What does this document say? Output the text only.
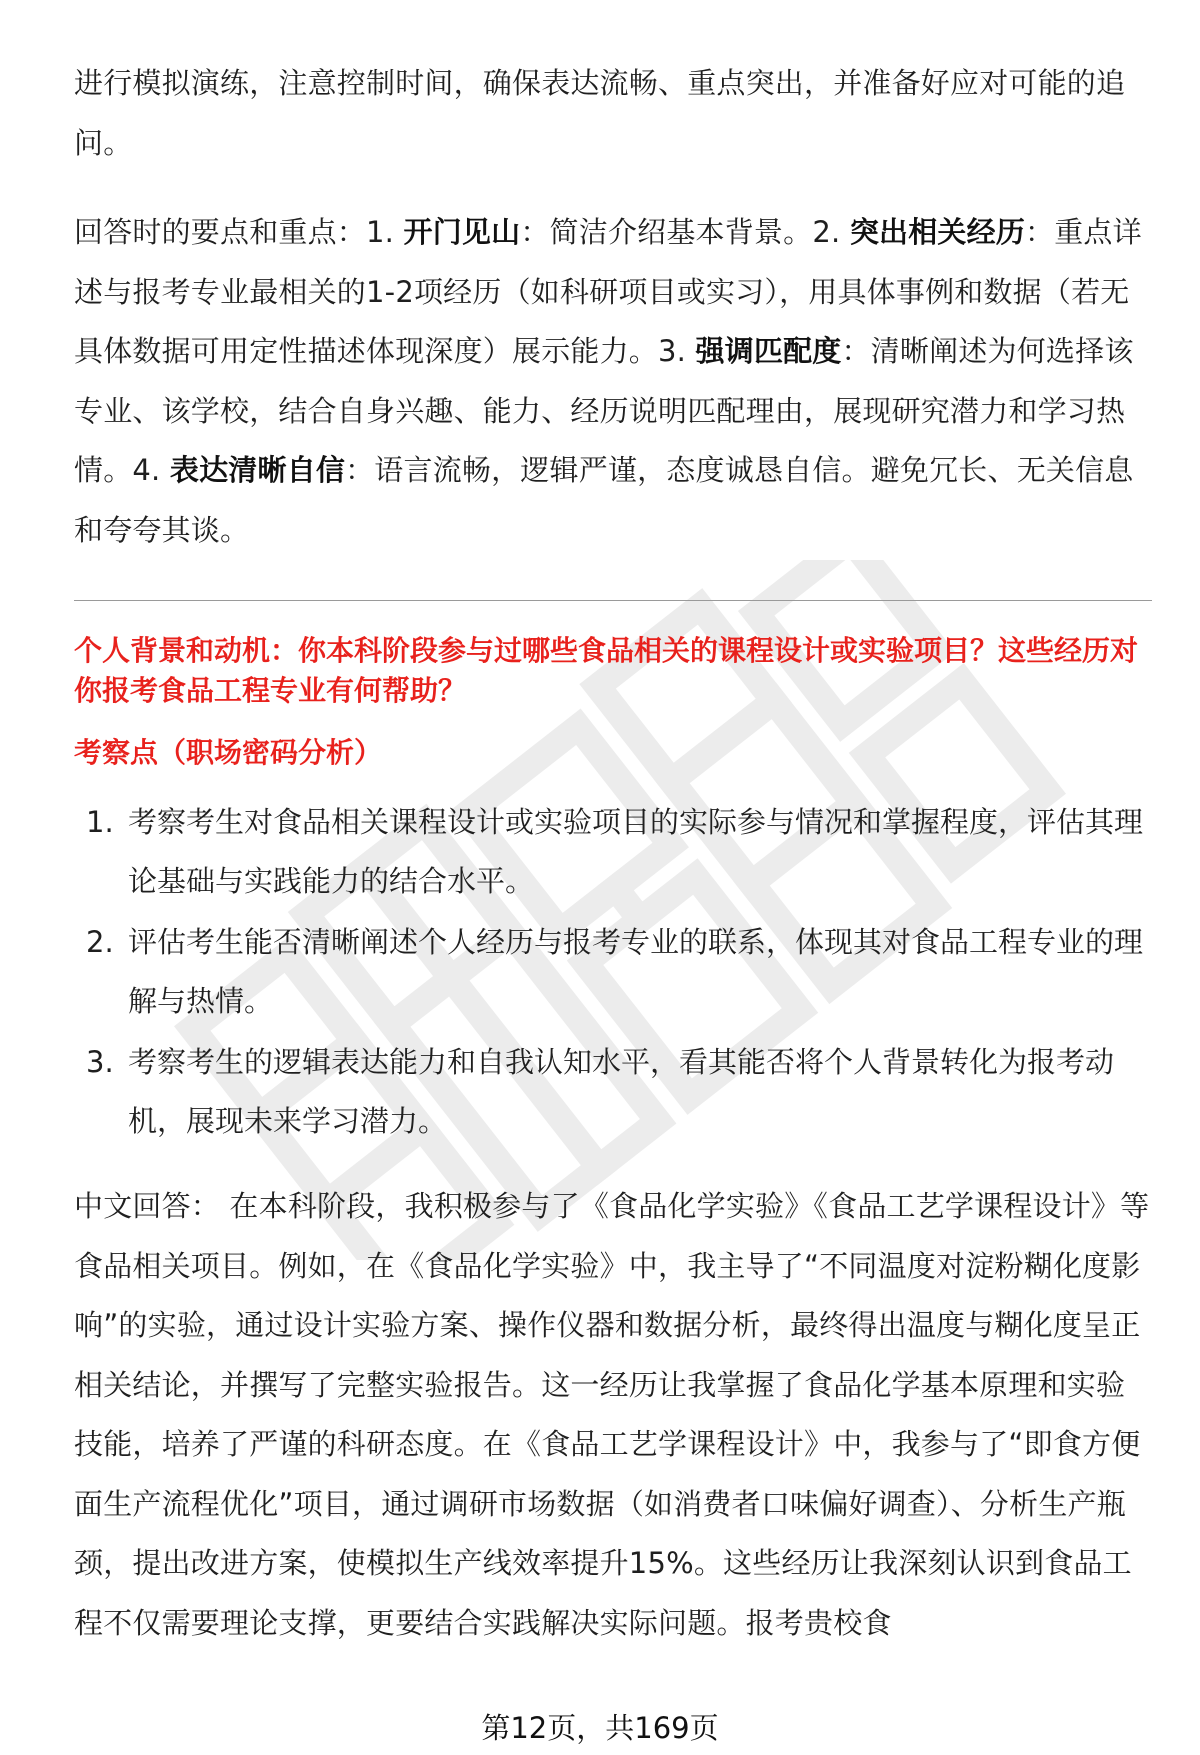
进行模拟演练，注意控制时间，确保表达流畅、重点突出，并准备好应对可能的追问。

回答时的要点和重点：1. 开门见山：简洁介绍基本背景。2. 突出相关经历：重点详述与报考专业最相关的1-2项经历（如科研项目或实习），用具体事例和数据（若无具体数据可用定性描述体现深度）展示能力。3. 强调匹配度：清晰阐述为何选择该专业、该学校，结合自身兴趣、能力、经历说明匹配理由，展现研究潜力和学习热情。4. 表达清晰自信：语言流畅，逻辑严谨，态度诚恳自信。避免冗长、无关信息和夸夸其谈。

个人背景和动机：你本科阶段参与过哪些食品相关的课程设计或实验项目？这些经历对你报考食品工程专业有何帮助？

考察点（职场密码分析）

1. 考察考生对食品相关课程设计或实验项目的实际参与情况和掌握程度，评估其理论基础与实践能力的结合水平。
2. 评估考生能否清晰阐述个人经历与报考专业的联系，体现其对食品工程专业的理解与热情。
3. 考察考生的逻辑表达能力和自我认知水平，看其能否将个人背景转化为报考动机，展现未来学习潜力。

中文回答： 在本科阶段，我积极参与了《食品化学实验》《食品工艺学课程设计》等食品相关项目。例如，在《食品化学实验》中，我主导了“不同温度对淀粉糊化度影响”的实验，通过设计实验方案、操作仪器和数据分析，最终得出温度与糊化度呈正相关结论，并撰写了完整实验报告。这一经历让我掌握了食品化学基本原理和实验技能，培养了严谨的科研态度。在《食品工艺学课程设计》中，我参与了“即食方便面生产流程优化”项目，通过调研市场数据（如消费者口味偏好调查）、分析生产瓶颈，提出改进方案，使模拟生产线效率提升15%。这些经历让我深刻认识到食品工程不仅需要理论支撑，更要结合实践解决实际问题。报考贵校食

第12页，共169页
